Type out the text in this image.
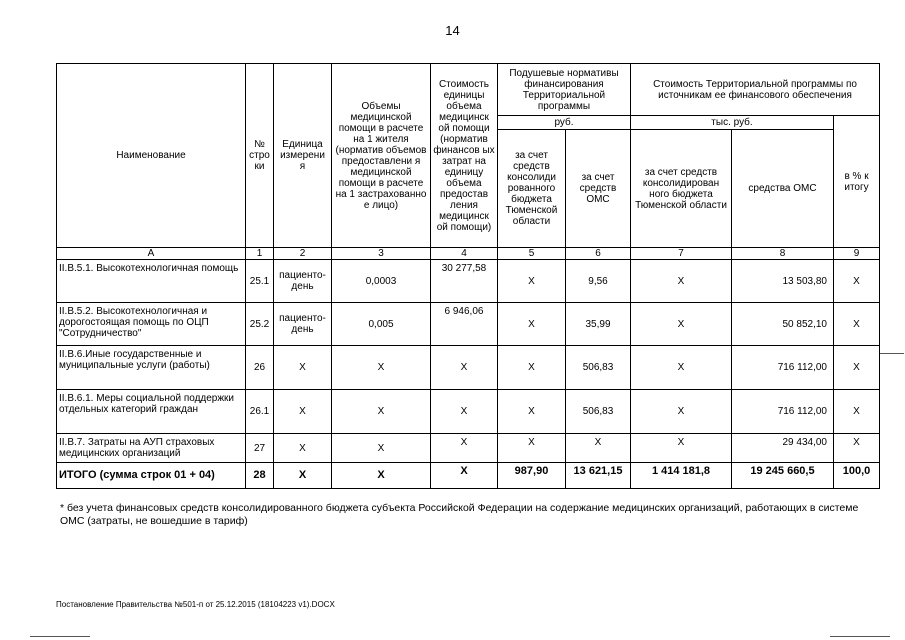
14
Наименование	№ стро ки	Единица измерени я	Объемы медицинской помощи в расчете на 1 жителя (норматив объемов предоставлени я медицинской помощи в расчете на 1 застрахованно е лицо)	Стоимость единицы объема медицинск ой помощи (норматив финансов ых затрат на единицу объема предостав ления медицинск ой помощи)	Подушевые нормативы финансирования Территориальной программы		Стоимость Территориальной программы по источникам ее финансового обеспечения		
					руб.		тыс. руб.		в % к итогу
					за счет средств консолиди рованного бюджета Тюменской области	за счет средств ОМС	за счет средств консолидирован ного бюджета Тюменской области	средства ОМС	
А	1	2	3	4	5	6	7	8	9
II.В.5.1. Высокотехнологичная помощь	25.1	пациенто-день	0,0003	30 277,58	Х	9,56	Х	13 503,80	Х
II.В.5.2. Высокотехнологичная и дорогостоящая помощь по ОЦП "Сотрудничество"	25.2	пациенто-день	0,005	6 946,06	Х	35,99	Х	50 852,10	Х
II.В.6.Иные государственные и муниципальные услуги (работы)	26	Х	Х	Х	Х	506,83	Х	716 112,00	Х
II.В.6.1. Меры социальной поддержки отдельных категорий граждан	26.1	Х	Х	Х	Х	506,83	Х	716 112,00	Х
II.В.7. Затраты на АУП страховых медицинских организаций	27	Х	Х	Х	Х	Х	Х	29 434,00	Х
ИТОГО (сумма строк 01 + 04)	28	Х	Х	Х	987,90	13 621,15	1 414 181,8	19 245 660,5	100,0
* без учета финансовых средств консолидированного бюджета субъекта Российской Федерации на содержание медицинских организаций, работающих в системе ОМС (затраты, не вошедшие в тариф)
Постановление Правительства №501-п от 25.12.2015 (18104223 v1).DOCX
